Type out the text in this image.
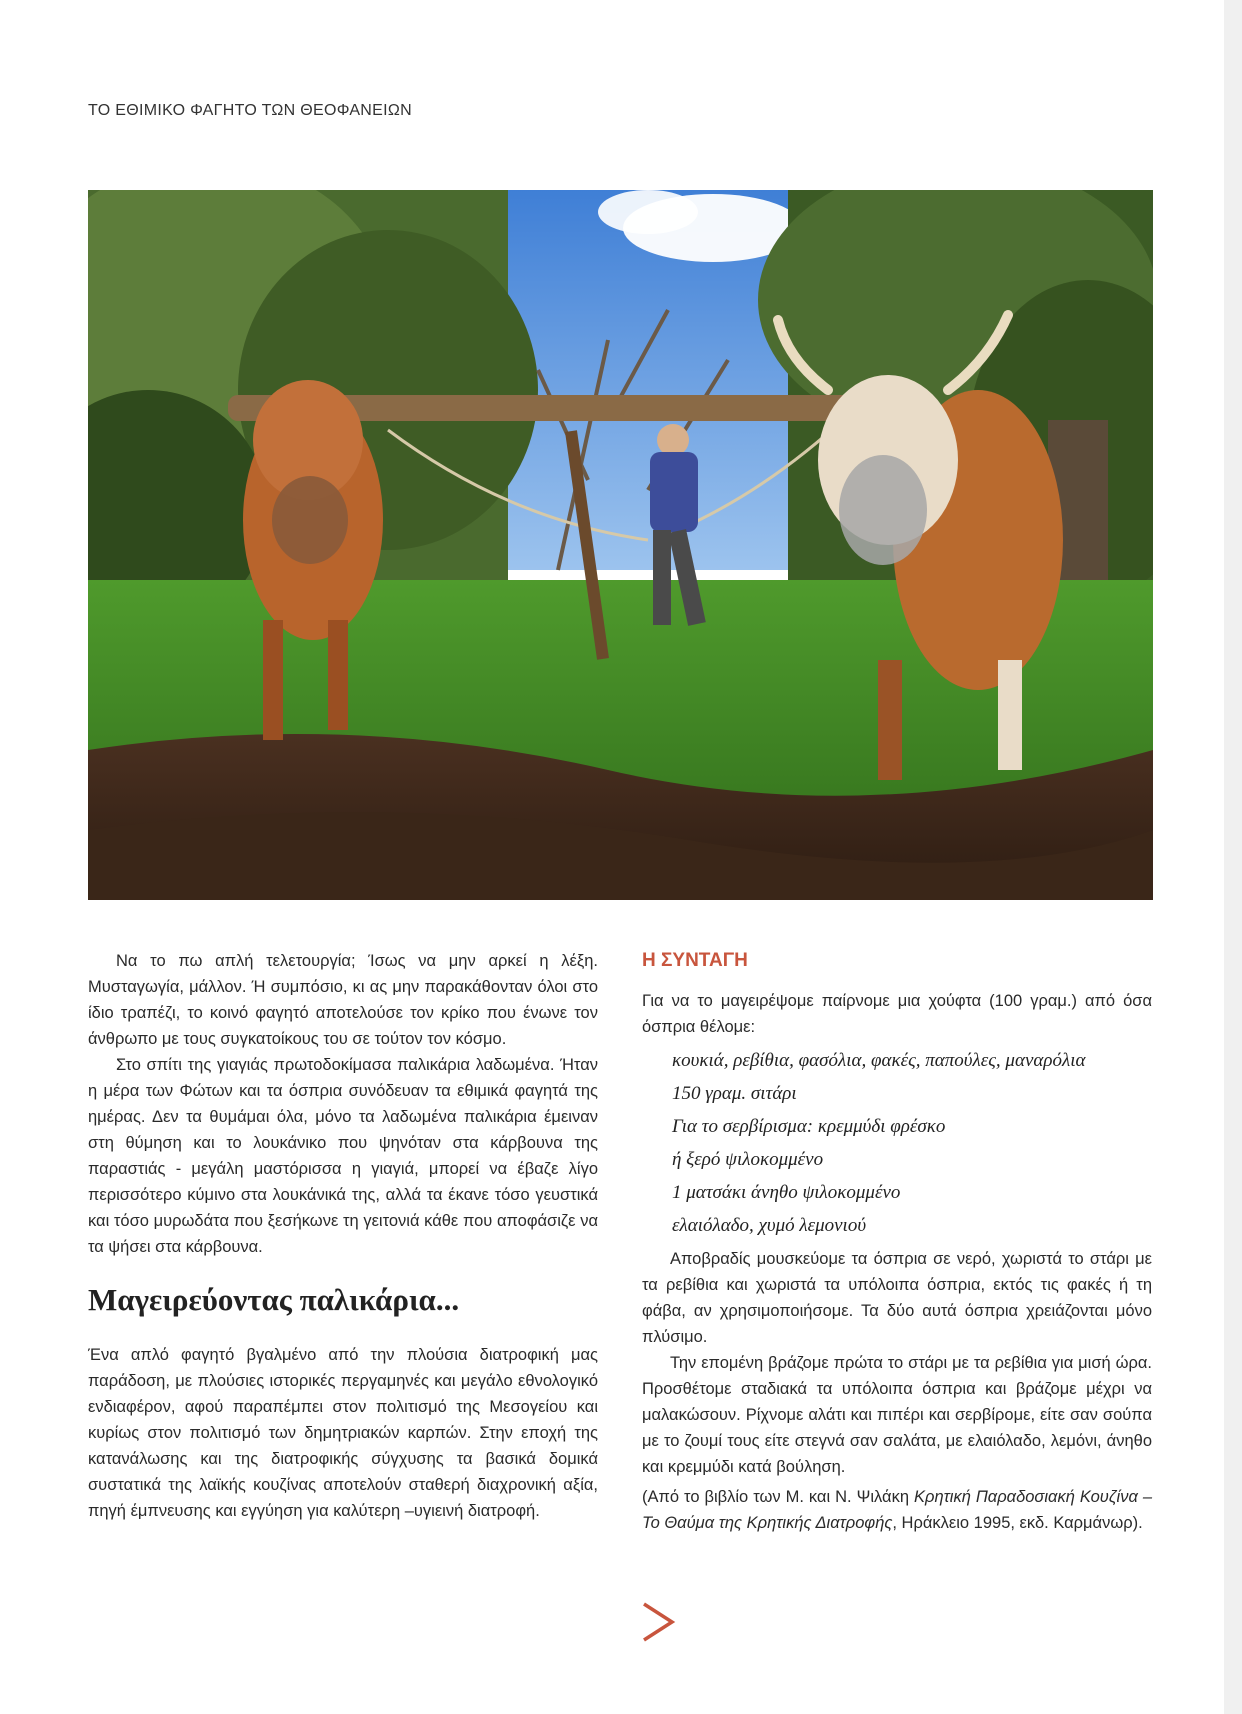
ΤΟ ΕΘΙΜΙΚΟ ΦΑΓΗΤΟ ΤΩΝ ΘΕΟΦΑΝΕΙΩΝ

Να το πω απλή τελετουργία; Ίσως να μην αρκεί η λέξη. Μυσταγωγία, μάλλον. Ή συμπόσιο, κι ας μην παρακάθονταν όλοι στο ίδιο τραπέζι, το κοινό φαγητό αποτελούσε τον κρίκο που ένωνε τον άνθρωπο με τους συγκατοίκους του σε τούτον τον κόσμο.

Στο σπίτι της γιαγιάς πρωτοδοκίμασα παλικάρια λαδωμένα. Ήταν η μέρα των Φώτων και τα όσπρια συνόδευαν τα εθιμικά φαγητά της ημέρας. Δεν τα θυμάμαι όλα, μόνο τα λαδωμένα παλικάρια έμειναν στη θύμηση και το λουκάνικο που ψηνόταν στα κάρβουνα της παραστιάς - μεγάλη μαστόρισσα η γιαγιά, μπορεί να έβαζε λίγο περισσότερο κύμινο στα λουκάνικά της, αλλά τα έκανε τόσο γευστικά και τόσο μυρωδάτα που ξεσήκωνε τη γειτονιά κάθε που αποφάσιζε να τα ψήσει στα κάρβουνα.

Μαγειρεύοντας παλικάρια...

Ένα απλό φαγητό βγαλμένο από την πλούσια διατροφική μας παράδοση, με πλούσιες ιστορικές περγαμηνές και μεγάλο εθνολογικό ενδιαφέρον, αφού παραπέμπει στον πολιτισμό της Μεσογείου και κυρίως στον πολιτισμό των δημητριακών καρπών. Στην εποχή της κατανάλωσης και της διατροφικής σύγχυσης τα βασικά δομικά συστατικά της λαϊκής κουζίνας αποτελούν σταθερή διαχρονική αξία, πηγή έμπνευσης και εγγύηση για καλύτερη –υγιεινή διατροφή.

Η ΣΥΝΤΑΓΗ

Για να το μαγειρέψομε παίρνομε μια χούφτα (100 γραμ.) από όσα όσπρια θέλομε:

κουκιά, ρεβίθια, φασόλια, φακές, παπούλες, μαναρόλια
150 γραμ. σιτάρι
Για το σερβίρισμα: κρεμμύδι φρέσκο
ή ξερό ψιλοκομμένο
1 ματσάκι άνηθο ψιλοκομμένο
ελαιόλαδο, χυμό λεμονιού

Αποβραδίς μουσκεύομε τα όσπρια σε νερό, χωριστά το στάρι με τα ρεβίθια και χωριστά τα υπόλοιπα όσπρια, εκτός τις φακές ή τη φάβα, αν χρησιμοποιήσομε. Τα δύο αυτά όσπρια χρειάζονται μόνο πλύσιμο.

Την επομένη βράζομε πρώτα το στάρι με τα ρεβίθια για μισή ώρα. Προσθέτομε σταδιακά τα υπόλοιπα όσπρια και βράζομε μέχρι να μαλακώσουν. Ρίχνομε αλάτι και πιπέρι και σερβίρομε, είτε σαν σούπα με το ζουμί τους είτε στεγνά σαν σαλάτα, με ελαιόλαδο, λεμόνι, άνηθο και κρεμμύδι κατά βούληση.

(Από το βιβλίο των Μ. και Ν. Ψιλάκη Κρητική Παραδοσιακή Κουζίνα – Το Θαύμα της Κρητικής Διατροφής, Ηράκλειο 1995, εκδ. Καρμάνωρ).
